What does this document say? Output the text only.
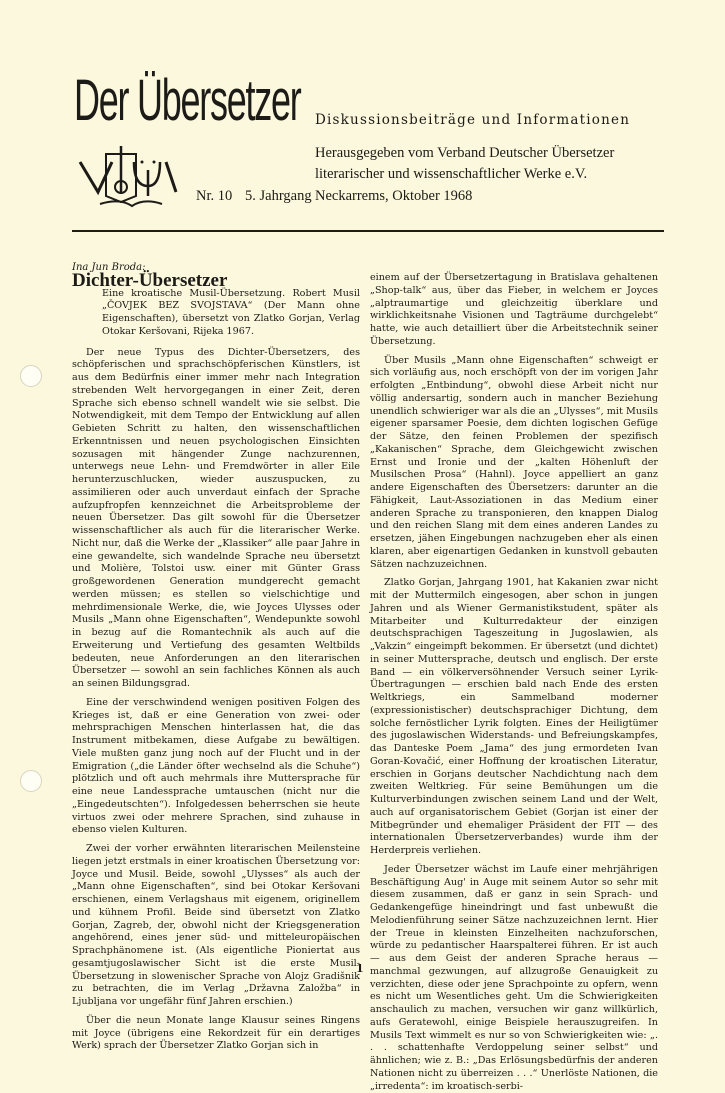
Der Übersetzer Diskussionsbeiträge und Informationen
Herausgegeben vom Verband Deutscher Übersetzer
literarischer und wissenschaftlicher Werke e.V.
Nr. 10 5. Jahrgang Neckarrems, Oktober 1968

Ina Jun Broda:

Dichter-Übersetzer

Eine kroatische Musil-Übersetzung. Robert Musil „ČOVJEK BEZ SVOJSTAVA“ (Der Mann ohne Eigenschaften), übersetzt von Zlatko Gorjan, Verlag Otokar Keršovani, Rijeka 1967.

Der neue Typus des Dichter-Übersetzers, des schöpferischen und sprachschöpferischen Künstlers, ist aus dem Bedürfnis einer immer mehr nach Integration strebenden Welt hervorgegangen in einer Zeit, deren Sprache sich ebenso schnell wandelt wie sie selbst. Die Notwendigkeit, mit dem Tempo der Entwicklung auf allen Gebieten Schritt zu halten, den wissenschaftlichen Erkenntnissen und neuen psychologischen Einsichten sozusagen mit hängender Zunge nachzurennen, unterwegs neue Lehn- und Fremdwörter in aller Eile herunterzuschlucken, wieder auszuspucken, zu assimilieren oder auch unverdaut einfach der Sprache aufzupfropfen kennzeichnet die Arbeitsprobleme der neuen Übersetzer. Das gilt sowohl für die Übersetzer wissenschaftlicher als auch für die literarischer Werke. Nicht nur, daß die Werke der „Klassiker“ alle paar Jahre in eine gewandelte, sich wandelnde Sprache neu übersetzt und Molière, Tolstoi usw. einer mit Günter Grass großgewordenen Generation mundgerecht gemacht werden müssen; es stellen so vielschichtige und mehrdimensionale Werke, die, wie Joyces Ulysses oder Musils „Mann ohne Eigenschaften“, Wendepunkte sowohl in bezug auf die Romantechnik als auch auf die Erweiterung und Vertiefung des gesamten Weltbilds bedeuten, neue Anforderungen an den literarischen Übersetzer — sowohl an sein fachliches Können als auch an seinen Bildungsgrad.

Eine der verschwindend wenigen positiven Folgen des Krieges ist, daß er eine Generation von zwei- oder mehrsprachigen Menschen hinterlassen hat, die das Instrument mitbekamen, diese Aufgabe zu bewältigen. Viele mußten ganz jung noch auf der Flucht und in der Emigration („die Länder öfter wechselnd als die Schuhe“) plötzlich und oft auch mehrmals ihre Muttersprache für eine neue Landessprache umtauschen (nicht nur die „Eingedeutschten“). Infolgedessen beherrschen sie heute virtuos zwei oder mehrere Sprachen, sind zuhause in ebenso vielen Kulturen.

Zwei der vorher erwähnten literarischen Meilensteine liegen jetzt erstmals in einer kroatischen Übersetzung vor: Joyce und Musil. Beide, sowohl „Ulysses“ als auch der „Mann ohne Eigenschaften“, sind bei Otokar Keršovani erschienen, einem Verlagshaus mit eigenem, originellem und kühnem Profil. Beide sind übersetzt von Zlatko Gorjan, Zagreb, der, obwohl nicht der Kriegsgeneration angehörend, eines jener süd- und mitteleuropäischen Sprachphänomene ist. (Als eigentliche Pioniertat aus gesamtjugoslawischer Sicht ist die erste Musil-Übersetzung in slowenischer Sprache von Alojz Gradišnik zu betrachten, die im Verlag „Državna Založba“ in Ljubljana vor ungefähr fünf Jahren erschien.)

Über die neun Monate lange Klausur seines Ringens mit Joyce (übrigens eine Rekordzeit für ein derartiges Werk) sprach der Übersetzer Zlatko Gorjan sich in

einem auf der Übersetzertagung in Bratislava gehaltenen „Shop-talk“ aus, über das Fieber, in welchem er Joyces „alptraumartige und gleichzeitig überklare und wirklichkeitsnahe Visionen und Tagträume durchgelebt“ hatte, wie auch detailliert über die Arbeitstechnik seiner Übersetzung.

Über Musils „Mann ohne Eigenschaften“ schweigt er sich vorläufig aus, noch erschöpft von der im vorigen Jahr erfolgten „Entbindung“, obwohl diese Arbeit nicht nur völlig andersartig, sondern auch in mancher Beziehung unendlich schwieriger war als die an „Ulysses“, mit Musils eigener sparsamer Poesie, dem dichten logischen Gefüge der Sätze, den feinen Problemen der spezifisch „Kakanischen“ Sprache, dem Gleichgewicht zwischen Ernst und Ironie und der „kalten Höhenluft der Musilschen Prosa“ (Hahnl). Joyce appelliert an ganz andere Eigenschaften des Übersetzers: darunter an die Fähigkeit, Laut-Assoziationen in das Medium einer anderen Sprache zu transponieren, den knappen Dialog und den reichen Slang mit dem eines anderen Landes zu ersetzen, jähen Eingebungen nachzugeben eher als einen klaren, aber eigenartigen Gedanken in kunstvoll gebauten Sätzen nachzuzeichnen.

Zlatko Gorjan, Jahrgang 1901, hat Kakanien zwar nicht mit der Muttermilch eingesogen, aber schon in jungen Jahren und als Wiener Germanistikstudent, später als Mitarbeiter und Kulturredakteur der einzigen deutschsprachigen Tageszeitung in Jugoslawien, als „Vakzin“ eingeimpft bekommen. Er übersetzt (und dichtet) in seiner Muttersprache, deutsch und englisch. Der erste Band — ein völkerversöhnender Versuch seiner Lyrik-Übertragungen — erschien bald nach Ende des ersten Weltkriegs, ein Sammelband moderner (expressionistischer) deutschsprachiger Dichtung, dem solche fernöstlicher Lyrik folgten. Eines der Heiligtümer des jugoslawischen Widerstands- und Befreiungskampfes, das Danteske Poem „Jama“ des jung ermordeten Ivan Goran-Kovačić, einer Hoffnung der kroatischen Literatur, erschien in Gorjans deutscher Nachdichtung nach dem zweiten Weltkrieg. Für seine Bemühungen um die Kulturverbindungen zwischen seinem Land und der Welt, auch auf organisatorischem Gebiet (Gorjan ist einer der Mitbegründer und ehemaliger Präsident der FIT — des internationalen Übersetzerverbandes) wurde ihm der Herderpreis verliehen.

Jeder Übersetzer wächst im Laufe einer mehrjährigen Beschäftigung Aug' in Auge mit seinem Autor so sehr mit diesem zusammen, daß er ganz in sein Sprach- und Gedankengefüge hineindringt und fast unbewußt die Melodienführung seiner Sätze nachzuzeichnen lernt. Hier der Treue in kleinsten Einzelheiten nachzuforschen, würde zu pedantischer Haarspalterei führen. Er ist auch — aus dem Geist der anderen Sprache heraus — manchmal gezwungen, auf allzugroße Genauigkeit zu verzichten, diese oder jene Sprachpointe zu opfern, wenn es nicht um Wesentliches geht. Um die Schwierigkeiten anschaulich zu machen, versuchen wir ganz willkürlich, aufs Geratewohl, einige Beispiele herauszugreifen. In Musils Text wimmelt es nur so von Schwierigkeiten wie: „. . . schattenhafte Verdoppelung seiner selbst“ und ähnlichen; wie z. B.: „Das Erlösungsbedürfnis der anderen Nationen nicht zu überreizen . . .“ Unerlöste Nationen, die „irredenta“: im kroatisch-serbi-

1
